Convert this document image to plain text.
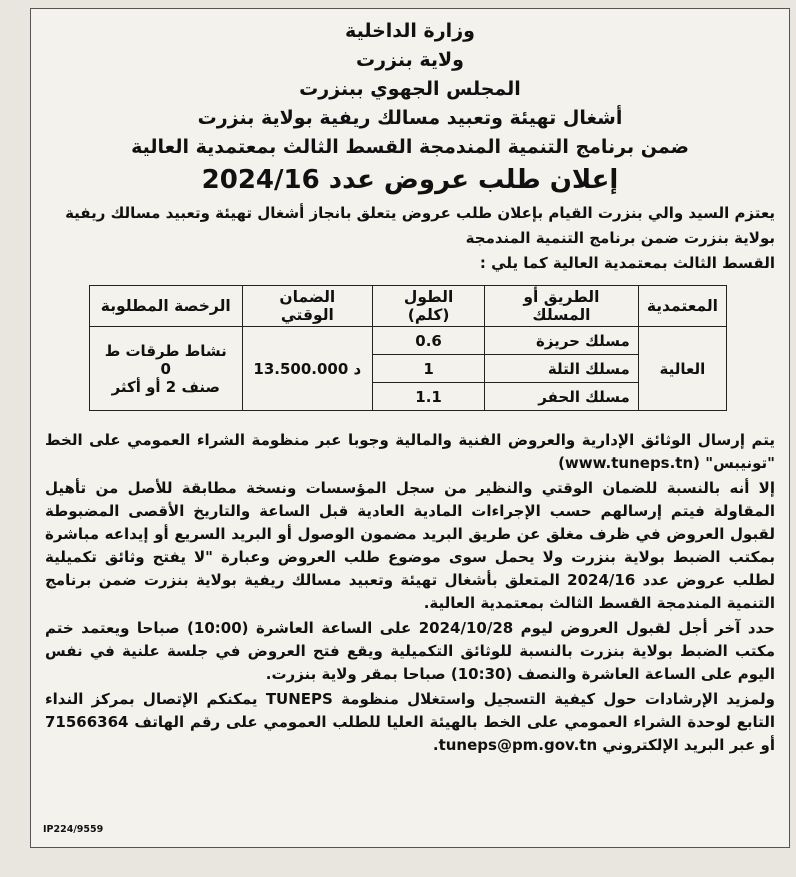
وزارة الداخلية

ولاية بنزرت

المجلس الجهوي ببنزرت

أشغال تهيئة وتعبيد مسالك ريفية بولاية بنزرت

ضمن برنامج التنمية المندمجة القسط الثالث بمعتمدية العالية

إعلان طلب عروض عدد 2024/16

يعتزم السيد والي بنزرت القيام بإعلان طلب عروض يتعلق بانجاز أشغال تهيئة وتعبيد مسالك ريفية

بولاية بنزرت ضمن برنامج التنمية المندمجة

القسط الثالث بمعتمدية العالية كما يلي :

المعتمدية	الطريق أو المسلك	الطول (كلم)	الضمان الوقتي	الرخصة المطلوبة
العالية	مسلك حريزة	0.6	13.500.000 د	نشاط طرقات ط 0
صنف 2 أو أكثر

	مسلك التلة	1		
	مسلك الحفر	1.1		

يتم إرسال الوثائق الإدارية والعروض الفنية والمالية وجوبا عبر منظومة الشراء العمومي على الخط "تونيبس" (www.tuneps.tn)

إلا أنه بالنسبة للضمان الوقتي والنظير من سجل المؤسسات ونسخة مطابقة للأصل من تأهيل المقاولة فيتم إرسالهم حسب الإجراءات المادية العادية قبل الساعة والتاريخ الأقصى المضبوطة لقبول العروض في ظرف مغلق عن طريق البريد مضمون الوصول أو البريد السريع أو إيداعه مباشرة بمكتب الضبط بولاية بنزرت ولا يحمل سوى موضوع طلب العروض وعبارة "لا يفتح وثائق تكميلية لطلب عروض عدد 2024/16 المتعلق بأشغال تهيئة وتعبيد مسالك ريفية بولاية بنزرت ضمن برنامج التنمية المندمجة القسط الثالث بمعتمدية العالية.

حدد آخر أجل لقبول العروض ليوم 2024/10/28 على الساعة العاشرة (10:00) صباحا ويعتمد ختم مكتب الضبط بولاية بنزرت بالنسبة للوثائق التكميلية ويقع فتح العروض في جلسة علنية في نفس اليوم على الساعة العاشرة والنصف (10:30) صباحا بمقر ولاية بنزرت.

ولمزيد الإرشادات حول كيفية التسجيل واستغلال منظومة TUNEPS يمكنكم الإتصال بمركز النداء التابع لوحدة الشراء العمومي على الخط بالهيئة العليا للطلب العمومي على رقم الهاتف 71566364 أو عبر البريد الإلكتروني tuneps@pm.gov.tn.

IP224/9559
